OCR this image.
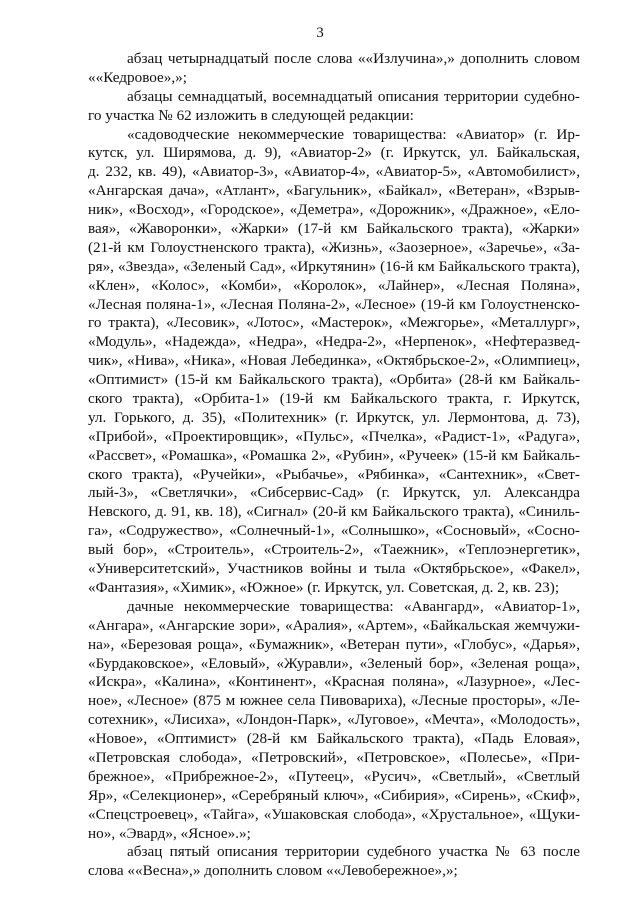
3
абзац четырнадцатый после слова ««Излучина»,» дополнить словом
««Кедровое»,»;
абзацы семнадцатый, восемнадцатый описания территории судебно-
го участка № 62 изложить в следующей редакции:
«садоводческие некоммерческие товарищества: «Авиатор» (г. Ир-
кутск, ул. Ширямова, д. 9), «Авиатор-2» (г. Иркутск, ул. Байкальская,
д. 232, кв. 49), «Авиатор-3», «Авиатор-4», «Авиатор-5», «Автомобилист»,
«Ангарская дача», «Атлант», «Багульник», «Байкал», «Ветеран», «Взрыв-
ник», «Восход», «Городское», «Деметра», «Дорожник», «Дражное», «Ело-
вая», «Жаворонки», «Жарки» (17-й км Байкальского тракта), «Жарки»
(21-й км Голоустненского тракта), «Жизнь», «Заозерное», «Заречье», «За-
ря», «Звезда», «Зеленый Сад», «Иркутянин» (16-й км Байкальского тракта),
«Клен», «Колос», «Комби», «Королок», «Лайнер», «Лесная Поляна»,
«Лесная поляна-1», «Лесная Поляна-2», «Лесное» (19-й км Голоустненско-
го тракта), «Лесовик», «Лотос», «Мастерок», «Межгорье», «Металлург»,
«Модуль», «Надежда», «Недра», «Недра-2», «Нерпенок», «Нефтеразвед-
чик», «Нива», «Ника», «Новая Лебединка», «Октябрьское-2», «Олимпиец»,
«Оптимист» (15-й км Байкальского тракта), «Орбита» (28-й км Байкаль-
ского тракта), «Орбита-1» (19-й км Байкальского тракта, г. Иркутск,
ул. Горького, д. 35), «Политехник» (г. Иркутск, ул. Лермонтова, д. 73),
«Прибой», «Проектировщик», «Пульс», «Пчелка», «Радист-1», «Радуга»,
«Рассвет», «Ромашка», «Ромашка 2», «Рубин», «Ручеек» (15-й км Байкаль-
ского тракта), «Ручейки», «Рыбачье», «Рябинка», «Сантехник», «Свет-
лый-3», «Светлячки», «Сибсервис-Сад» (г. Иркутск, ул. Александра
Невского, д. 91, кв. 18), «Сигнал» (20-й км Байкальского тракта), «Синиль-
га», «Содружество», «Солнечный-1», «Солнышко», «Сосновый», «Сосно-
вый бор», «Строитель», «Строитель-2», «Таежник», «Теплоэнергетик»,
«Университетский», Участников войны и тыла «Октябрьское», «Факел»,
«Фантазия», «Химик», «Южное» (г. Иркутск, ул. Советская, д. 2, кв. 23);
дачные некоммерческие товарищества: «Авангард», «Авиатор-1»,
«Ангара», «Ангарские зори», «Аралия», «Артем», «Байкальская жемчужи-
на», «Березовая роща», «Бумажник», «Ветеран пути», «Глобус», «Дарья»,
«Бурдаковское», «Еловый», «Журавли», «Зеленый бор», «Зеленая роща»,
«Искра», «Калина», «Континент», «Красная поляна», «Лазурное», «Лес-
ное», «Лесное» (875 м южнее села Пивовариха), «Лесные просторы», «Ле-
сотехник», «Лисиха», «Лондон-Парк», «Луговое», «Мечта», «Молодость»,
«Новое», «Оптимист» (28-й км Байкальского тракта), «Падь Еловая»,
«Петровская слобода», «Петровский», «Петровское», «Полесье», «При-
брежное», «Прибрежное-2», «Путеец», «Русич», «Светлый», «Светлый
Яр», «Селекционер», «Серебряный ключ», «Сибирия», «Сирень», «Скиф»,
«Спецстроевец», «Тайга», «Ушаковская слобода», «Хрустальное», «Щуки-
но», «Эвард», «Ясное».»;
абзац пятый описания территории судебного участка № 63 после
слова ««Весна»,» дополнить словом ««Левобережное»,»;
